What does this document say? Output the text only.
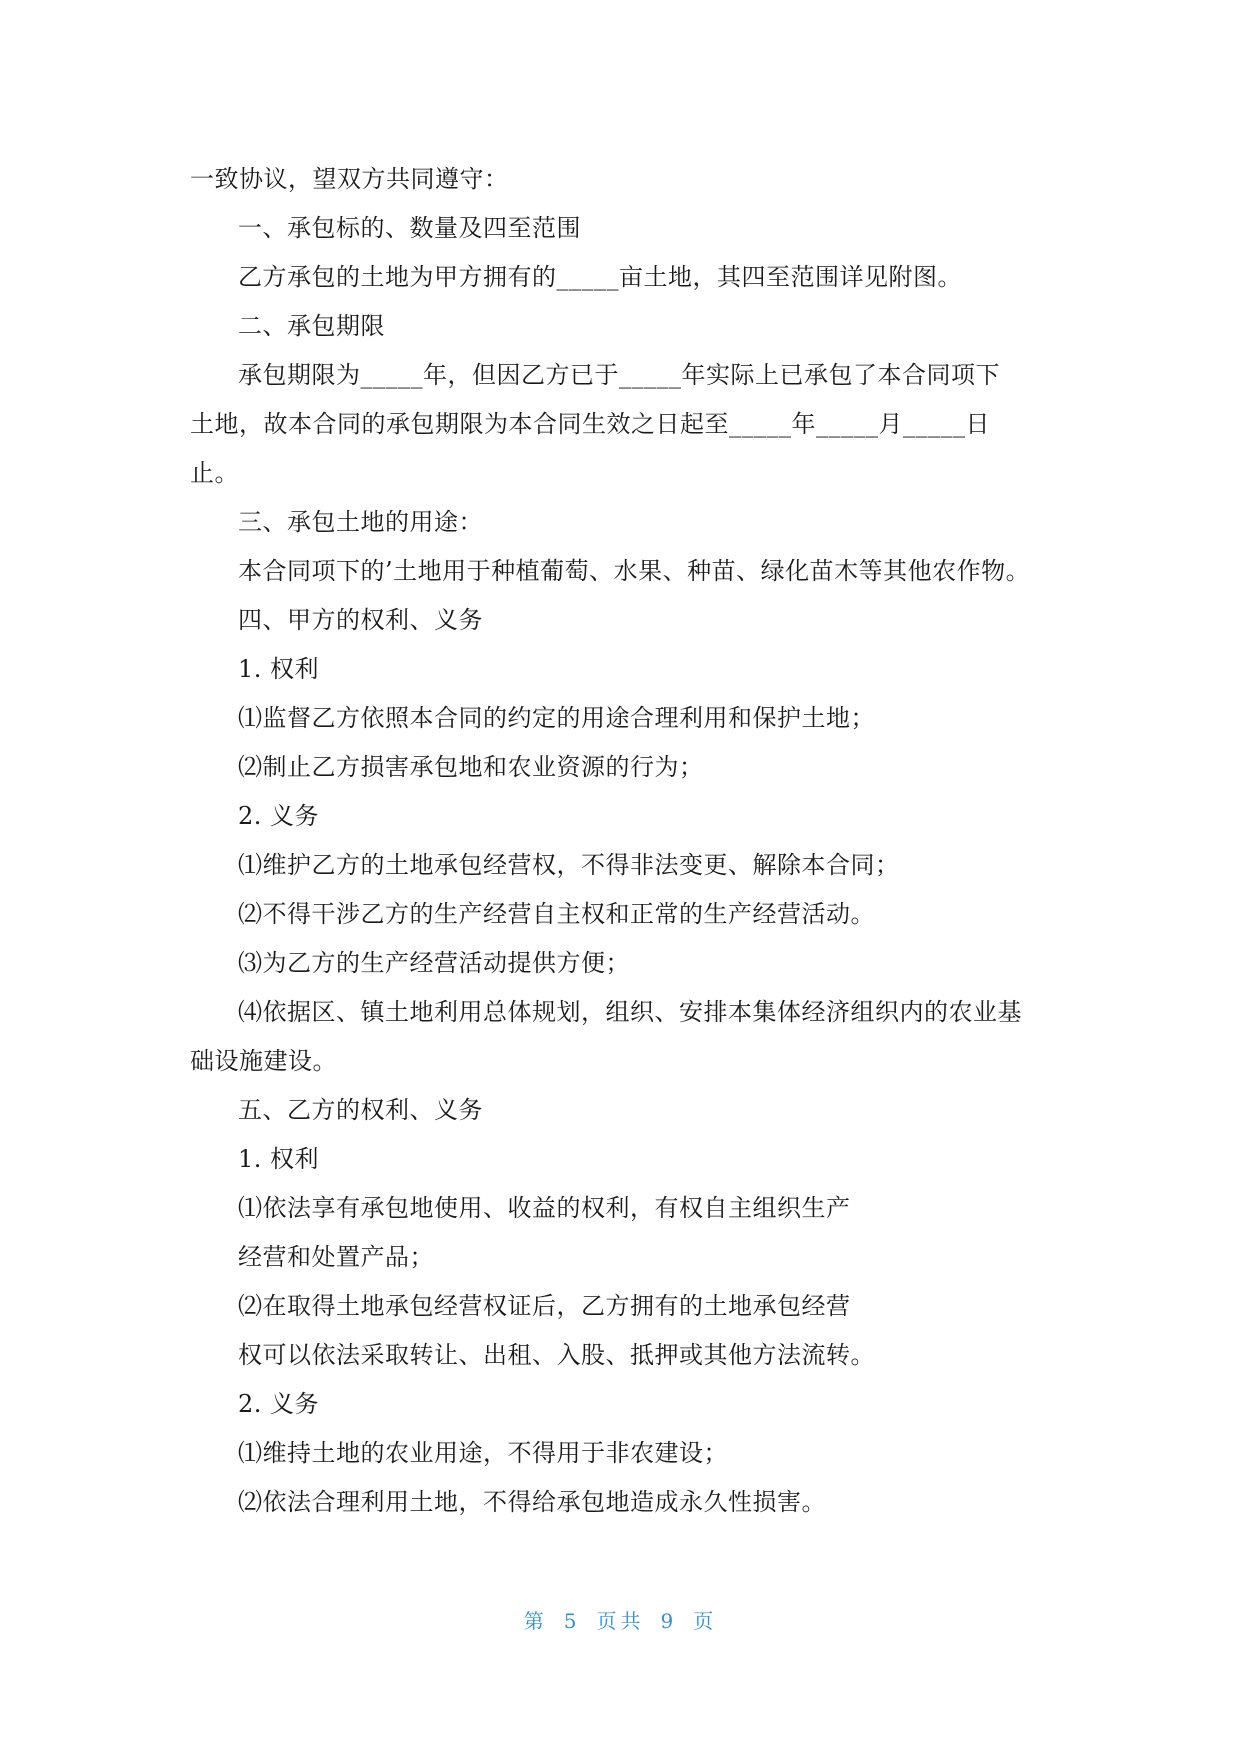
一致协议，望双方共同遵守：
一、承包标的、数量及四至范围
乙方承包的土地为甲方拥有的_____亩土地，其四至范围详见附图。
二、承包期限
承包期限为_____年，但因乙方已于_____年实际上已承包了本合同项下
土地，故本合同的承包期限为本合同生效之日起至_____年_____月_____日
止。
三、承包土地的用途：
本合同项下的’土地用于种植葡萄、水果、种苗、绿化苗木等其他农作物。
四、甲方的权利、义务
1. 权利
⑴监督乙方依照本合同的约定的用途合理利用和保护土地；
⑵制止乙方损害承包地和农业资源的行为；
2. 义务
⑴维护乙方的土地承包经营权，不得非法变更、解除本合同；
⑵不得干涉乙方的生产经营自主权和正常的生产经营活动。
⑶为乙方的生产经营活动提供方便；
⑷依据区、镇土地利用总体规划，组织、安排本集体经济组织内的农业基
础设施建设。
五、乙方的权利、义务
1. 权利
⑴依法享有承包地使用、收益的权利，有权自主组织生产
经营和处置产品；
⑵在取得土地承包经营权证后，乙方拥有的土地承包经营
权可以依法采取转让、出租、入股、抵押或其他方法流转。
2. 义务
⑴维持土地的农业用途，不得用于非农建设；
⑵依法合理利用土地，不得给承包地造成永久性损害。
第 5 页共 9 页
